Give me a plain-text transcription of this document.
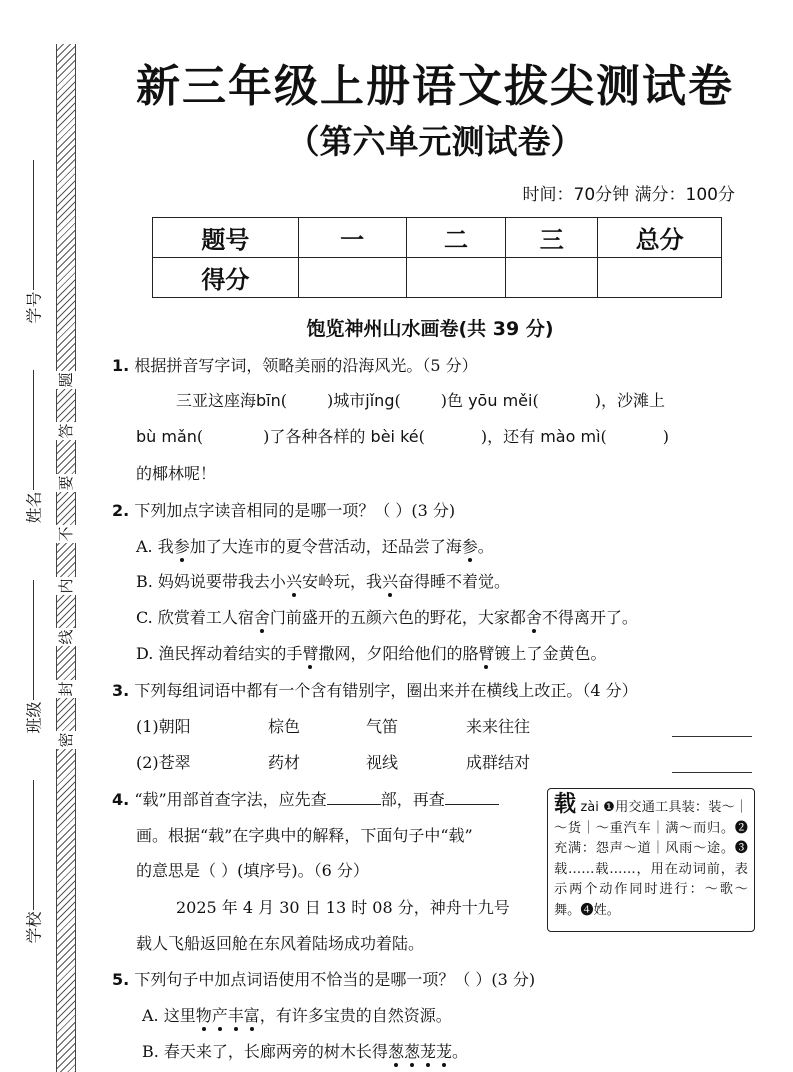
题
答
要
不
内
线
封
密
学号
姓名
班级
学校
新三年级上册语文拔尖测试卷
（第六单元测试卷）
时间：70分钟 满分：100分
题号	一	二	三	总分
得分				
饱览神州山水画卷(共 39 分)
1. 根据拼音写字词，领略美丽的沿海风光。（5 分）
三亚这座海bīn(	)城市jǐng(	)色 yōu měi(	)，沙滩上
bù mǎn(	)了各种各样的 bèi ké(	)，还有 mào mì(	)
的椰林呢！
2. 下列加点字读音相同的是哪一项？（ ）(3 分)
A. 我参加了大连市的夏令营活动，还品尝了海参。
B. 妈妈说要带我去小兴安岭玩，我兴奋得睡不着觉。
C. 欣赏着工人宿舍门前盛开的五颜六色的野花，大家都舍不得离开了。
D. 渔民挥动着结实的手臂撒网，夕阳给他们的胳臂镀上了金黄色。
3. 下列每组词语中都有一个含有错别字，圈出来并在横线上改正。（4 分）
(1)朝阳	棕色	气笛	来来往往
(2)苍翠	药材	视线	成群结对
4. “载”用部首查字法，应先查	部，再查
画。根据“载”在字典中的解释，下面句子中“载”
的意思是（ ）(填序号)。（6 分）
2025 年 4 月 30 日 13 时 08 分，神舟十九号
载人飞船返回舱在东风着陆场成功着陆。
载 zài ❶用交通工具装：装～｜～货｜～重汽车｜满～而归。❷充满：怨声～道｜风雨～途。❸载……载……，用在动词前，表示两个动作同时进行：～歌～舞。❹姓。
5. 下列句子中加点词语使用不恰当的是哪一项？（ ）(3 分)
A. 这里物产丰富，有许多宝贵的自然资源。
B. 春天来了，长廊两旁的树木长得葱葱茏茏。
